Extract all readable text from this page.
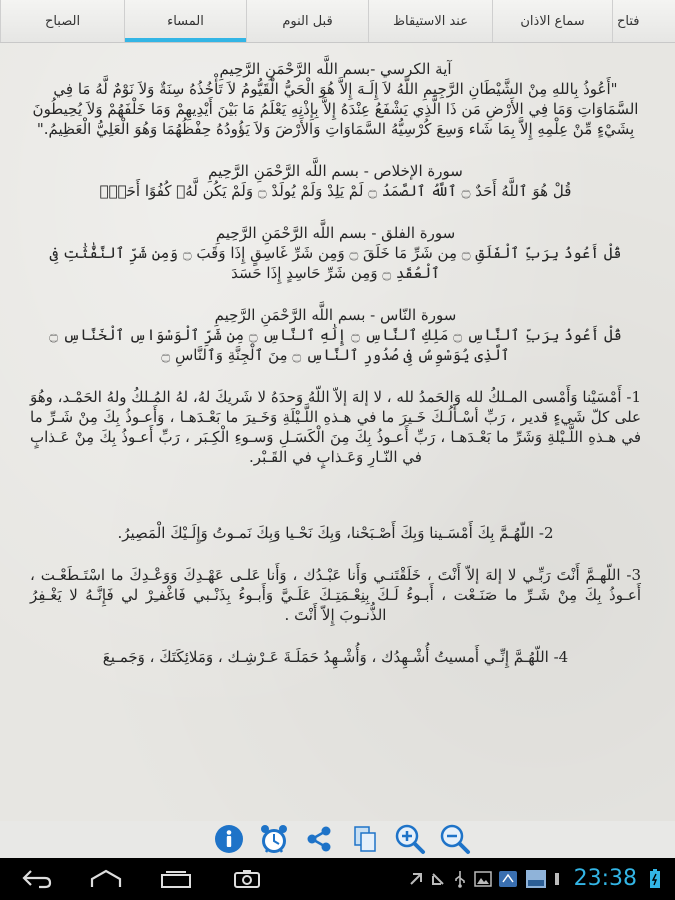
الصباح	المساء	قبل النوم	عند الاستيقاظ	سماع الاذان فتاح
آية الكرسي -بسم اللَّه الرَّحْمَنِ الرَّحِيمِ
"أَعُوذُ بِاللهِ مِنْ الشَّيْطَانِ الرَّجِيمِ اللّهُ لاَ إِلَـهَ إِلاَّ هُوَ الْحَيُّ الْقَيُّومُ لاَ تَأْخُذُهُ سِنَةٌ وَلاَ نَوْمٌ لَّهُ مَا فِي السَّمَاوَاتِ وَمَا فِي الأَرْضِ مَن ذَا الَّذِي يَشْفَعُ عِنْدَهُ إِلاَّ بِإِذْنِهِ يَعْلَمُ مَا بَيْنَ أَيْدِيهِمْ وَمَا خَلْفَهُمْ وَلاَ يُحِيطُونَ بِشَيْءٍ مِّنْ عِلْمِهِ إِلاَّ بِمَا شَاء وَسِعَ كُرْسِيُّهُ السَّمَاوَاتِ وَالأَرْضَ وَلاَ يَؤُودُهُ حِفْظُهُمَا وَهُوَ الْعَلِيُّ الْعَظِيمُ."
سورة الإخلاص - بسم اللَّه الرَّحْمَنِ الرَّحِيمِ
قُلْ هُوَ ٱللَّهُ أَحَدٌ ۝ ٱللَّهُ ٱلصَّمَدُ ۝ لَمْ يَلِدْ وَلَمْ يُولَدْ ۝ وَلَمْ يَكُن لَّهُۥ كُفُوًا أَحَدٌۢ
سورة الفلق - بسم اللَّه الرَّحْمَنِ الرَّحِيمِ
قُلْ أَعُوذُ بِرَبِّ ٱلْفَلَقِ ۝ مِن شَرِّ مَا خَلَقَ ۝ وَمِن شَرِّ غَاسِقٍ إِذَا وَقَبَ ۝ وَمِن شَرِّ ٱلنَّفَّٰثَٰتِ فِى ٱلْعُقَدِ ۝ وَمِن شَرِّ حَاسِدٍ إِذَا حَسَدَ
سورة النّاس - بسم اللَّه الرَّحْمَنِ الرَّحِيمِ
قُلْ أَعُوذُ بِرَبِّ ٱلنَّاسِ ۝ مَلِكِ ٱلنَّاسِ ۝ إِلَٰهِ ٱلنَّاسِ ۝ مِن شَرِّ ٱلْوَسْوَاسِ ٱلْخَنَّاسِ ۝ ٱلَّذِى يُوَسْوِسُ فِى صُدُورِ ٱلنَّاسِ ۝ مِنَ ٱلْجِنَّةِ وَٱلنَّاسِ ۝
1- أَمْسَيْنا وَأَمْسى المـلكُ لله وَالحَمدُ لله ، لا إلهَ إلاّ اللّهُ وَحدَهُ لا شَريكَ لهُ، لهُ المُـلكُ ولهُ الحَمْـد، وهُوَ على كلّ شَيءٍ قدير ، رَبِّ أسْـأَلُـكَ خَـيرَ ما في هـذهِ اللَّـيْلَةِ وَخَـيرَ ما بَعْـدَهـا ، وَأَعـوذُ بِكَ مِنْ شَـرِّ ما في هـذهِ اللَّـيْلةِ وَشَرِّ ما بَعْـدَهـا ، رَبِّ أَعـوذُ بِكَ مِنَ الْكَسَـلِ وَسـوءِ الْكِـبَر ، رَبِّ أَعـوذُ بِكَ مِنْ عَـذابٍ في النّـارِ وَعَـذابٍ في القَـبْر.
2- اللّهُـمَّ بِكَ أَمْسَـينا وَبِكَ أَصْـبَحْنا، وَبِكَ نَحْـيا وَبِكَ نَمـوتُ وَإِلَـيْكَ الْمَصِيرُ.
3- اللّهـمَّ أَنْتَ رَبِّـي لا إلهَ إلاّ أَنْتَ ، خَلَقْتَنـي وَأَنا عَبْـدُك ، وَأَنا عَلـى عَهْـدِكَ وَوَعْـدِكَ ما اسْتَـطَعْـت ، أَعـوذُ بِكَ مِنْ شَـرِّ ما صَنَـعْت ، أَبـوءُ لَـكَ بِنِعْـمَتِـكَ عَلَـيَّ وَأَبـوءُ بِذَنْـبي فَاغْفـِرْ لي فَإِنَّـهُ لا يَغْـفِرُ الذُّنـوبَ إِلاّ أَنْتَ .
4- اللّهُـمَّ إِنِّـي أَمسيتُ أُشْـهِدُك ، وَأُشْـهِدُ حَمَلَـةَ عَـرْشِـك ، وَمَلائِكَتَكَ ، وَجَمـيعَ
23:38
